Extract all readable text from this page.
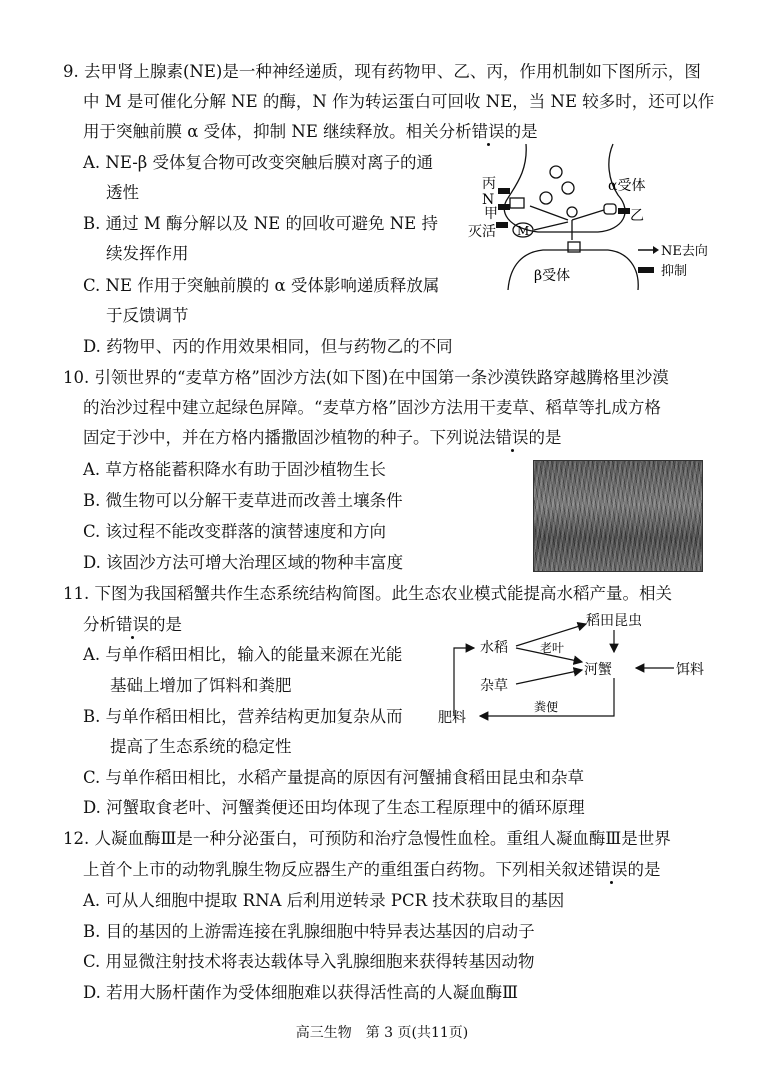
9. 去甲肾上腺素(NE)是一种神经递质，现有药物甲、乙、丙，作用机制如下图所示，图
中 M 是可催化分解 NE 的酶，N 作为转运蛋白可回收 NE，当 NE 较多时，还可以作
用于突触前膜 α 受体，抑制 NE 继续释放。相关分析错误的是
A. NE-β 受体复合物可改变突触后膜对离子的通
透性
B. 通过 M 酶分解以及 NE 的回收可避免 NE 持
续发挥作用
C. NE 作用于突触前膜的 α 受体影响递质释放属
于反馈调节
D. 药物甲、丙的作用效果相同，但与药物乙的不同
丙
N
甲
灭活 M
α受体
乙
β受体
NE去向
抑制
10. 引领世界的“麦草方格”固沙方法(如下图)在中国第一条沙漠铁路穿越腾格里沙漠
的治沙过程中建立起绿色屏障。“麦草方格”固沙方法用干麦草、稻草等扎成方格
固定于沙中，并在方格内播撒固沙植物的种子。下列说法错误的是
A. 草方格能蓄积降水有助于固沙植物生长
B. 微生物可以分解干麦草进而改善土壤条件
C. 该过程不能改变群落的演替速度和方向
D. 该固沙方法可增大治理区域的物种丰富度
11. 下图为我国稻蟹共作生态系统结构简图。此生态农业模式能提高水稻产量。相关
分析错误的是
A. 与单作稻田相比，输入的能量来源在光能
基础上增加了饵料和粪肥
B. 与单作稻田相比，营养结构更加复杂从而
提高了生态系统的稳定性
C. 与单作稻田相比，水稻产量提高的原因有河蟹捕食稻田昆虫和杂草
D. 河蟹取食老叶、河蟹粪便还田均体现了生态工程原理中的循环原理
稻田昆虫
水稻	老叶
河蟹	饵料
杂草
肥料
粪便
12. 人凝血酶Ⅲ是一种分泌蛋白，可预防和治疗急慢性血栓。重组人凝血酶Ⅲ是世界
上首个上市的动物乳腺生物反应器生产的重组蛋白药物。下列相关叙述错误的是
A. 可从人细胞中提取 RNA 后利用逆转录 PCR 技术获取目的基因
B. 目的基因的上游需连接在乳腺细胞中特异表达基因的启动子
C. 用显微注射技术将表达载体导入乳腺细胞来获得转基因动物
D. 若用大肠杆菌作为受体细胞难以获得活性高的人凝血酶Ⅲ
高三生物　第 3 页(共11页)
